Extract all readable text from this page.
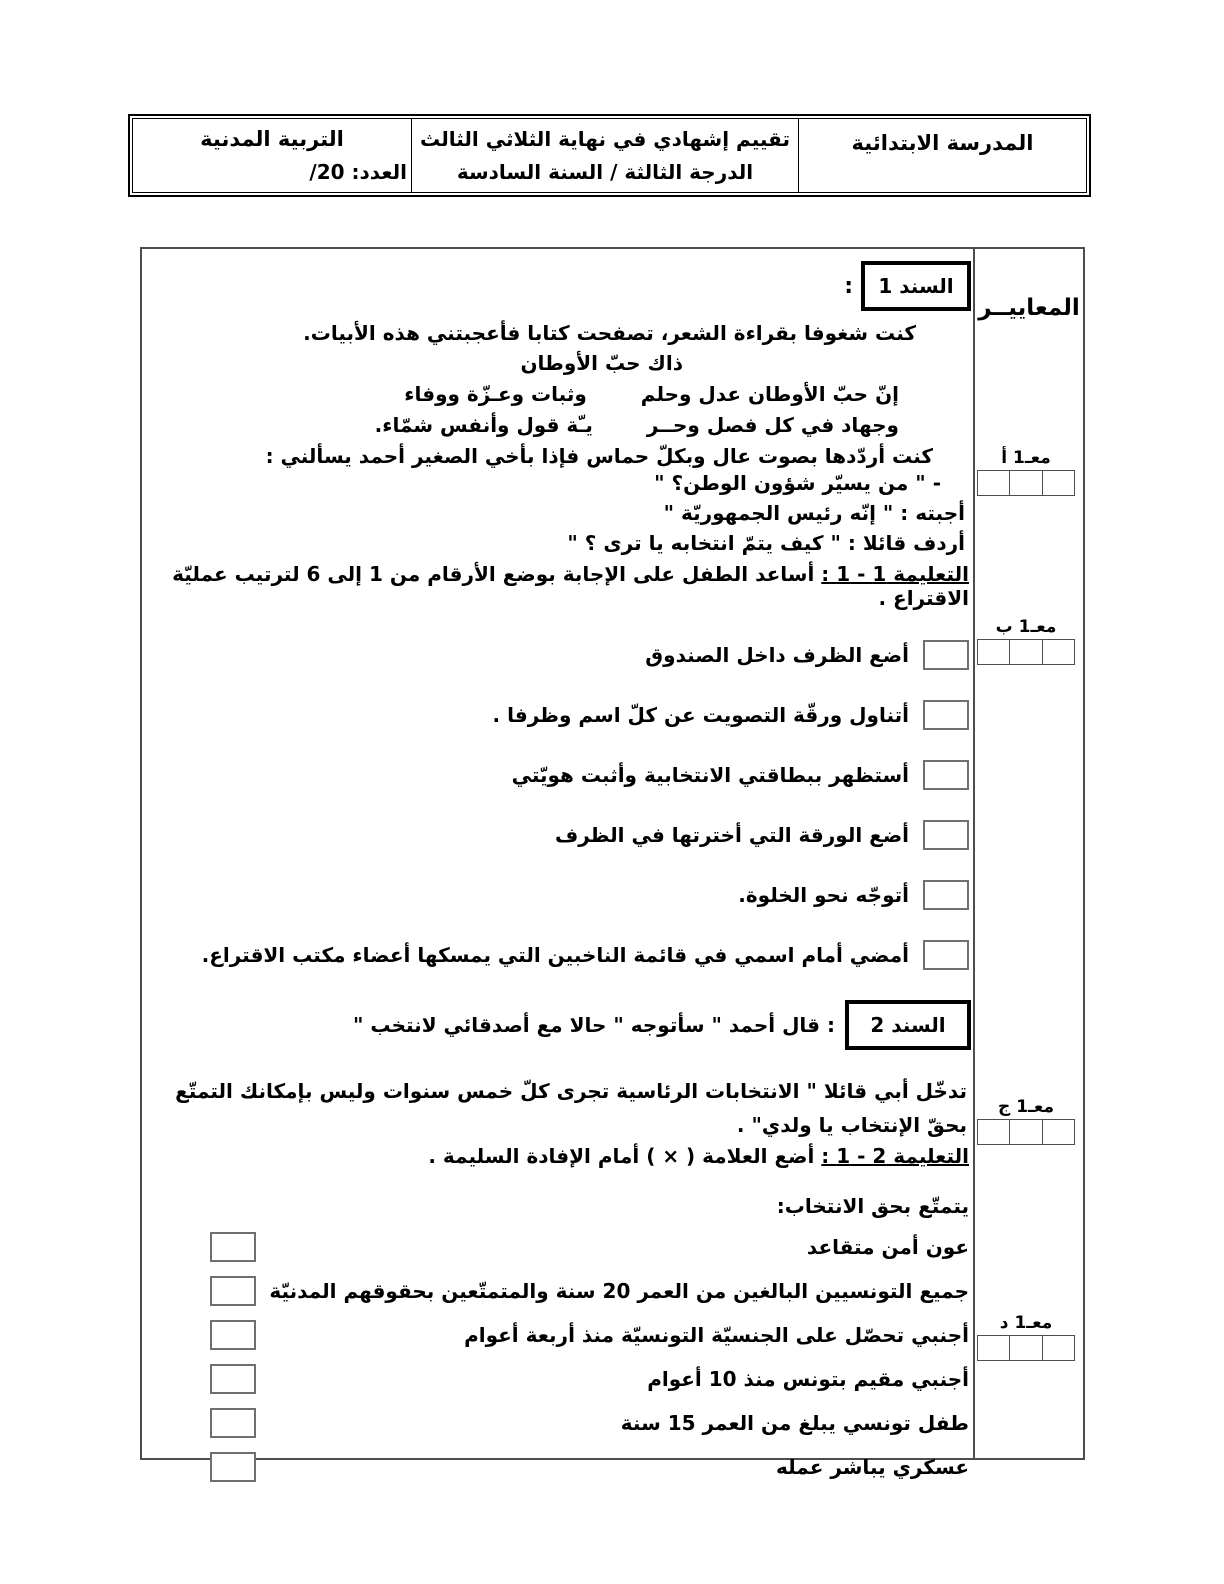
المدرسة الابتدائية
تقييم إشهادي في نهاية الثلاثي الثالث
الدرجة الثالثة / السنة السادسة
التربية المدنية
العدد: 20/
المعاييــر
معـ1 أ
معـ1 ب
معـ1 ج
معـ1 د
السند 1
:

كنت شغوفا بقراءة الشعر، تصفحت كتابا فأعجبتني هذه الأبيات.

ذاك حبّ الأوطان

إنّ حبّ الأوطان عدل وحلم
وثبات وعـزّة ووفاء
وجهاد في كل فصل وحــر
يـّة قول وأنفس شمّاء.

كنت أردّدها بصوت عال وبكلّ حماس فإذا بأخي الصغير أحمد يسألني :

- " من يسيّر شؤون الوطن؟ "

أجبته : " إنّه رئيس الجمهوريّة "

أردف قائلا : " كيف يتمّ انتخابه يا ترى ؟ "

التعليمة 1 - 1 : أساعد الطفل على الإجابة بوضع الأرقام من 1 إلى 6 لترتيب عمليّة الاقتراع .

أضع الظرف داخل الصندوق
أتناول ورقّة التصويت عن كلّ اسم وظرفا .
أستظهر ببطاقتي الانتخابية وأثبت هويّتي
أضع الورقة التي أخترتها في الظرف
أتوجّه نحو الخلوة.
أمضي أمام اسمي في قائمة الناخبين التي يمسكها أعضاء مكتب الاقتراع.
السند 2
: قال أحمد " سأتوجه " حالا مع أصدقائي لانتخب "

تدخّل أبي قائلا " الانتخابات الرئاسية تجرى كلّ خمس سنوات وليس بإمكانك التمتّع بحقّ الإنتخاب يا ولدي" .

التعليمة 2 - 1 : أضع العلامة ( × ) أمام الإفادة السليمة .

يتمتّع بحق الانتخاب:

عون أمن متقاعد
جميع التونسيين البالغين من العمر 20 سنة والمتمتّعين بحقوقهم المدنيّة
أجنبي تحصّل على الجنسيّة التونسيّة منذ أربعة أعوام
أجنبي مقيم بتونس منذ 10 أعوام
طفل تونسي يبلغ من العمر 15 سنة
عسكري يباشر عمله
